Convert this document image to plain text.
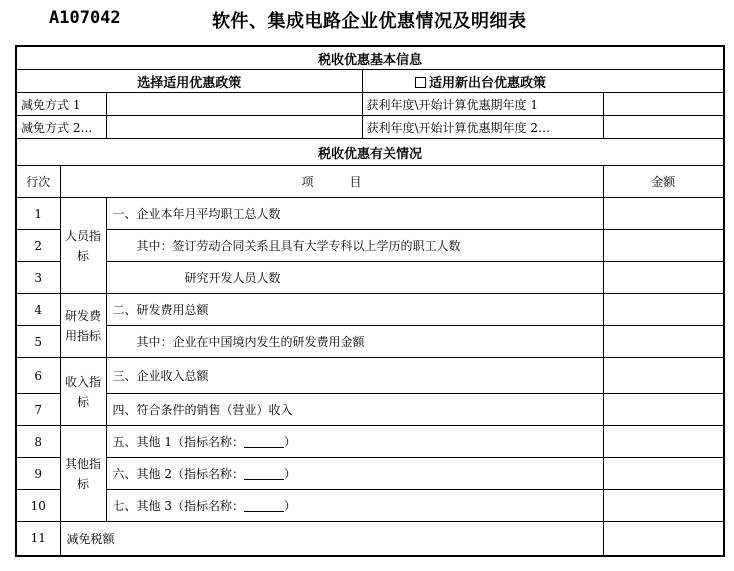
A107042	软件、集成电路企业优惠情况及明细表
税收优惠基本信息				
选择适用优惠政策			适用新出台优惠政策	
减免方式 1			获利年度\开始计算优惠期年度 1	
减免方式 2…			获利年度\开始计算优惠期年度 2…	
税收优惠有关情况				
行次	项　　　目			金额
1	人员指标	一、企业本年月平均职工总人数		
2		其中：签订劳动合同关系且具有大学专科以上学历的职工人数		
3		研究开发人员人数		
4	研发费用指标	二、研发费用总额		
5		其中：企业在中国境内发生的研发费用金额		
6	收入指标	三、企业收入总额		
7		四、符合条件的销售（营业）收入		
8	其他指标	五、其他 1（指标名称： ）		
9		六、其他 2（指标名称： ）		
10		七、其他 3（指标名称： ）		
11	减免税额			
